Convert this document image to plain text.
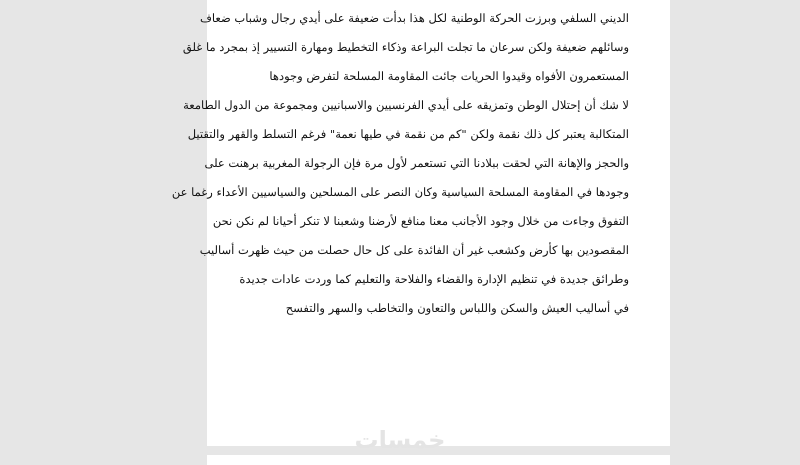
الديني السلفي وبرزت الحركة الوطنية لكل هذا بدأت ضعيفة على أيدي رجال وشباب ضعاف
وسائلهم ضعيفة ولكن سرعان ما تجلت البراعة وذكاء التخطيط ومهارة التسيير إذ بمجرد ما غلق
المستعمرون الأفواه وقيدوا الحريات جائت المقاومة المسلحة لتفرض وجودها
لا شك أن إحتلال الوطن وتمزيقه على أيدي الفرنسيين والاسبانيين ومجموعة من الدول الطامعة
المتكالبة يعتبر كل ذلك نقمة ولكن "كم من نقمة في طيها نعمة" فرغم التسلط والقهر والتقتيل
والحجز والإهانة التي لحقت ببلادنا التي تستعمر لأول مرة فإن الرجولة المغربية برهنت على
وجودها في المقاومة المسلحة السياسية وكان النصر على المسلحين والسياسيين الأعداء رغما عن
التفوق وجاءت من خلال وجود الأجانب معنا منافع لأرضنا وشعبنا لا تنكر أحيانا لم نكن نحن
المقصودين بها كأرض وكشعب غير أن الفائدة على كل حال حصلت من حيث ظهرت أساليب
وطرائق جديدة في تنظيم الإدارة والقضاء والفلاحة والتعليم كما وردت عادات جديدة
في أساليب العيش والسكن واللباس والتعاون والتخاطب والسهر والتفسح
خمسات
